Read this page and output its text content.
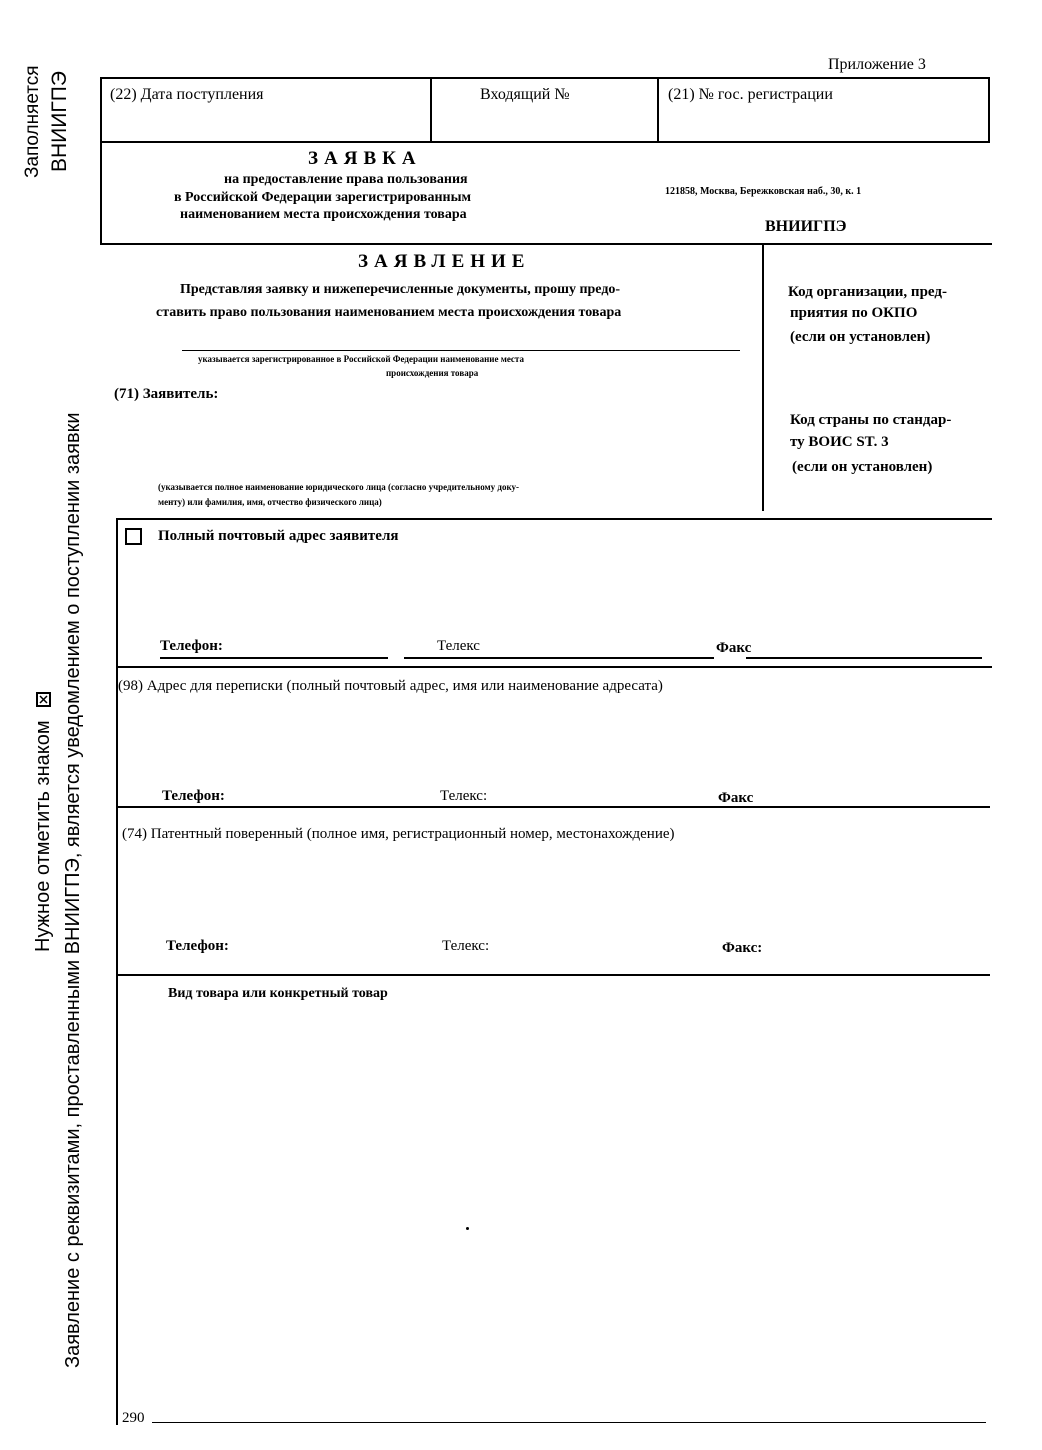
Заполняется ВНИИГПЭ
Нужное отметить знаком Заявление с реквизитами, проставленными ВНИИГПЭ, является уведомлением о поступлении заявки
Приложение 3
(22) Дата поступления	Входящий №	(21) № гос. регистрации
ЗАЯВКА
на предоставление права пользования
в Российской Федерации зарегистрированным
наименованием места происхождения товара
121858, Москва, Бережковская наб., 30, к. 1
ВНИИГПЭ
ЗАЯВЛЕНИЕ
Представляя заявку и нижеперечисленные документы, прошу предо-
ставить право пользования наименованием места происхождения товара
указывается зарегистрированное в Российской Федерации наименование места
происхождения товара
(71) Заявитель:
(указывается полное наименование юридического лица (согласно учредительному доку-
менту) или фамилия, имя, отчество физического лица)
Код организации, пред-
приятия по ОКПО
(если он установлен)
Код страны по стандар-
ту ВОИС ST. 3
(если он установлен)
Полный почтовый адрес заявителя
Телефон:	Телекс	Факс
(98) Адрес для переписки (полный почтовый адрес, имя или наименование адресата)
Телефон:	Телекс:	Факс
(74) Патентный поверенный (полное имя, регистрационный номер, местонахождение)
Телефон:	Телекс:	Факс:
Вид товара или конкретный товар
290
